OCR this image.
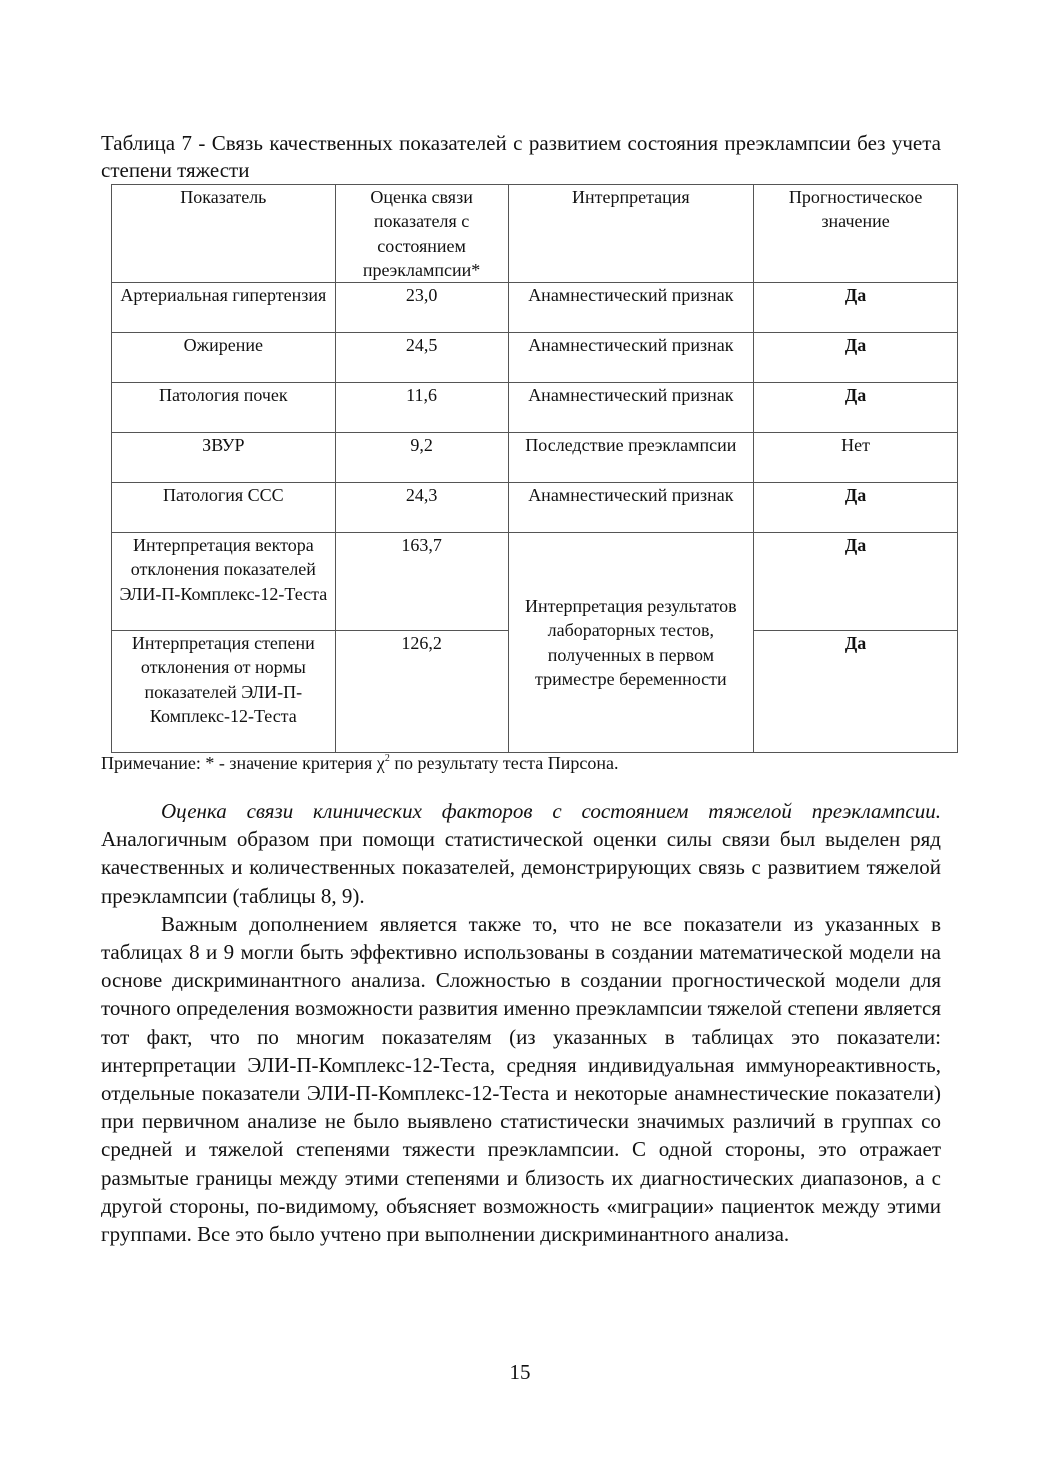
Таблица 7 - Связь качественных показателей с развитием состояния преэклампсии без учета степени тяжести
Показатель	Оценка связи показателя с состоянием преэклампсии*	Интерпретация	Прогностическое значение
Артериальная гипертензия	23,0	Анамнестический признак	Да
Ожирение	24,5	Анамнестический признак	Да
Патология почек	11,6	Анамнестический признак	Да
ЗВУР	9,2	Последствие преэклампсии	Нет
Патология ССС	24,3	Анамнестический признак	Да
Интерпретация вектора отклонения показателей ЭЛИ-П-Комплекс-12-Теста	163,7	Интерпретация результатов лабораторных тестов, полученных в первом триместре беременности	Да
Интерпретация степени отклонения от нормы показателей ЭЛИ-П-Комплекс-12-Теста	126,2		Да
Примечание: * - значение критерия $\chi^2$ по результату теста Пирсона.

Оценка связи клинических факторов с состоянием тяжелой преэклампсии. Аналогичным образом при помощи статистической оценки силы связи был выделен ряд качественных и количественных показателей, демонстрирующих связь с развитием тяжелой преэклампсии (таблицы 8, 9).

Важным дополнением является также то, что не все показатели из указанных в таблицах 8 и 9 могли быть эффективно использованы в создании математической модели на основе дискриминантного анализа. Сложностью в создании прогностической модели для точного определения возможности развития именно преэклампсии тяжелой степени является тот факт, что по многим показателям (из указанных в таблицах это показатели: интерпретации ЭЛИ-П-Комплекс-12-Теста, средняя индивидуальная иммунореактивность, отдельные показатели ЭЛИ-П-Комплекс-12-Теста и некоторые анамнестические показатели) при первичном анализе не было выявлено статистически значимых различий в группах со средней и тяжелой степенями тяжести преэклампсии. С одной стороны, это отражает размытые границы между этими степенями и близость их диагностических диапазонов, а с другой стороны, по-видимому, объясняет возможность «миграции» пациенток между этими группами. Все это было учтено при выполнении дискриминантного анализа.

15
